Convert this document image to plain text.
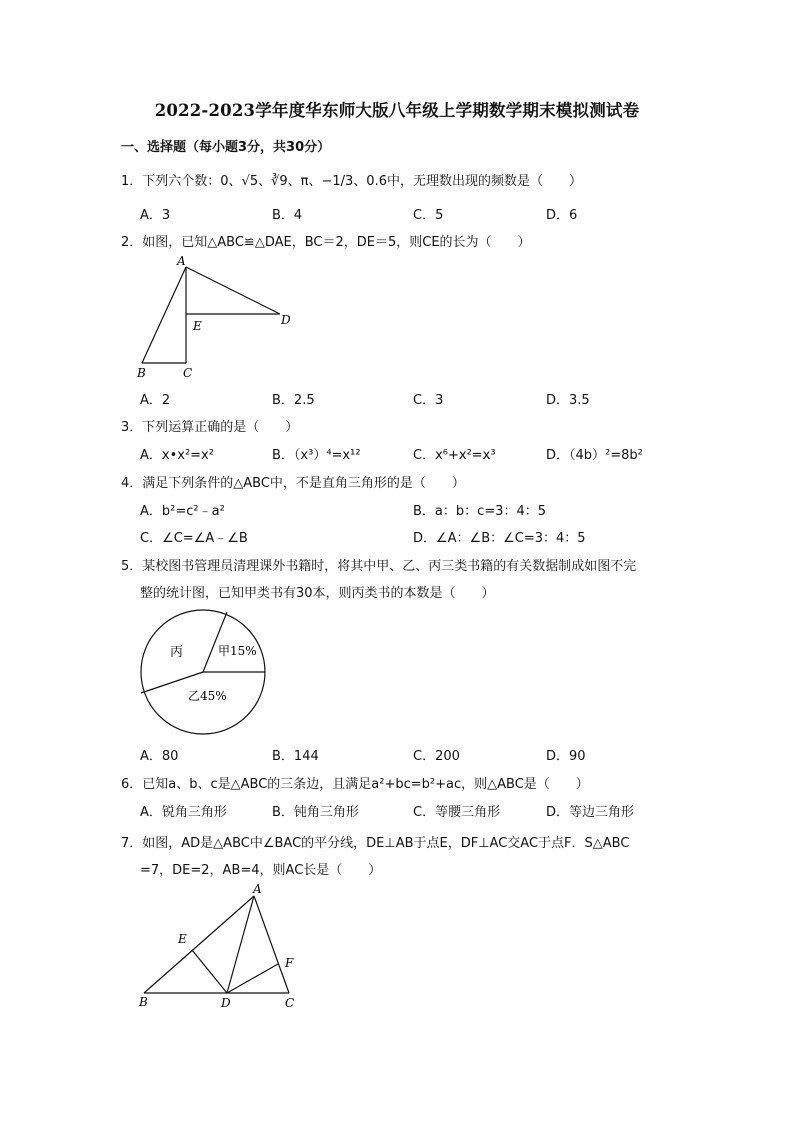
2022-2023学年度华东师大版八年级上学期数学期末模拟测试卷
一、选择题（每小题3分，共30分）
1．下列六个数：0、√5、∛9、π、−1/3、0.6̇中，无理数出现的频数是（　　）
A．3	B．4	C．5	D．6
2．如图，已知△ABC≌△DAE，BC＝2，DE＝5，则CE的长为（　　）
A
E	D
B	C
A．2	B．2.5	C．3	D．3.5
3．下列运算正确的是（　　）
A．x•x²=x²	B．（x³）⁴=x¹²	C．x⁶+x²=x³	D．（4b）²=8b²
4．满足下列条件的△ABC中，不是直角三角形的是（　　）
A．b²=c²﹣a²	B．a：b：c=3：4：5
C．∠C=∠A﹣∠B	D．∠A：∠B：∠C=3：4：5
5．某校图书管理员清理课外书籍时，将其中甲、乙、丙三类书籍的有关数据制成如图不完
整的统计图，已知甲类书有30本，则丙类书的本数是（　　）
丙	甲15%
乙45%
A．80	B．144	C．200	D．90
6．已知a、b、c是△ABC的三条边，且满足a²+bc=b²+ac，则△ABC是（　　）
A．锐角三角形	B．钝角三角形	C．等腰三角形	D．等边三角形
7．如图，AD是△ABC中∠BAC的平分线，DE⊥AB于点E，DF⊥AC交AC于点F．S△ABC
=7，DE=2，AB=4，则AC长是（　　）
A
E
F
B	D	C
